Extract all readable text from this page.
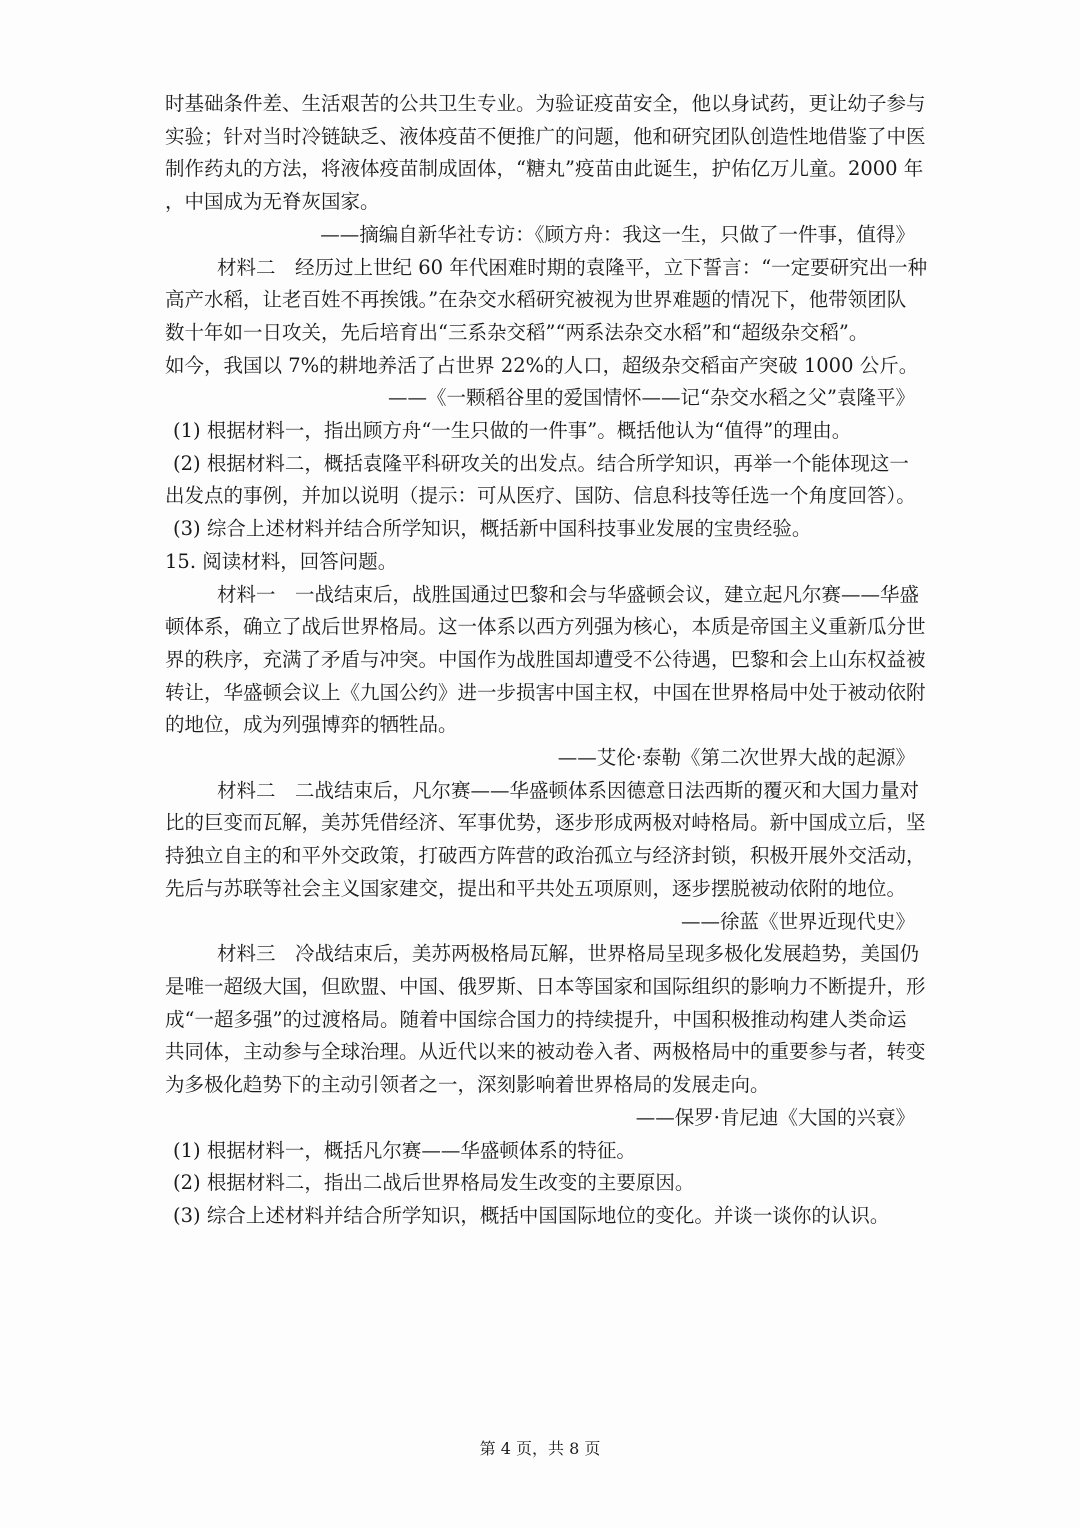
时基础条件差、生活艰苦的公共卫生专业。为验证疫苗安全，他以身试药，更让幼子参与

实验；针对当时冷链缺乏、液体疫苗不便推广的问题，他和研究团队创造性地借鉴了中医

制作药丸的方法，将液体疫苗制成固体，“糖丸”疫苗由此诞生，护佑亿万儿童。2000 年

，中国成为无脊灰国家。

——摘编自新华社专访：《顾方舟：我这一生，只做了一件事，值得》

材料二　经历过上世纪 60 年代困难时期的袁隆平，立下誓言：“一定要研究出一种

高产水稻，让老百姓不再挨饿。”在杂交水稻研究被视为世界难题的情况下，他带领团队

数十年如一日攻关，先后培育出“三系杂交稻”“两系法杂交水稻”和“超级杂交稻”。

如今，我国以 7%的耕地养活了占世界 22%的人口，超级杂交稻亩产突破 1000 公斤。

——《一颗稻谷里的爱国情怀——记“杂交水稻之父”袁隆平》

(1) 根据材料一，指出顾方舟“一生只做的一件事”。概括他认为“值得”的理由。

(2) 根据材料二，概括袁隆平科研攻关的出发点。结合所学知识，再举一个能体现这一

出发点的事例，并加以说明（提示：可从医疗、国防、信息科技等任选一个角度回答）。

(3) 综合上述材料并结合所学知识，概括新中国科技事业发展的宝贵经验。

15. 阅读材料，回答问题。

材料一　一战结束后，战胜国通过巴黎和会与华盛顿会议，建立起凡尔赛——华盛

顿体系，确立了战后世界格局。这一体系以西方列强为核心，本质是帝国主义重新瓜分世

界的秩序，充满了矛盾与冲突。中国作为战胜国却遭受不公待遇，巴黎和会上山东权益被

转让，华盛顿会议上《九国公约》进一步损害中国主权，中国在世界格局中处于被动依附

的地位，成为列强博弈的牺牲品。

——艾伦·泰勒《第二次世界大战的起源》

材料二　二战结束后，凡尔赛——华盛顿体系因德意日法西斯的覆灭和大国力量对

比的巨变而瓦解，美苏凭借经济、军事优势，逐步形成两极对峙格局。新中国成立后，坚

持独立自主的和平外交政策，打破西方阵营的政治孤立与经济封锁，积极开展外交活动，

先后与苏联等社会主义国家建交，提出和平共处五项原则，逐步摆脱被动依附的地位。

——徐蓝《世界近现代史》

材料三　冷战结束后，美苏两极格局瓦解，世界格局呈现多极化发展趋势，美国仍

是唯一超级大国，但欧盟、中国、俄罗斯、日本等国家和国际组织的影响力不断提升，形

成“一超多强”的过渡格局。随着中国综合国力的持续提升，中国积极推动构建人类命运

共同体，主动参与全球治理。从近代以来的被动卷入者、两极格局中的重要参与者，转变

为多极化趋势下的主动引领者之一，深刻影响着世界格局的发展走向。

——保罗·肯尼迪《大国的兴衰》

(1) 根据材料一，概括凡尔赛——华盛顿体系的特征。

(2) 根据材料二，指出二战后世界格局发生改变的主要原因。

(3) 综合上述材料并结合所学知识，概括中国国际地位的变化。并谈一谈你的认识。

第 4 页，共 8 页
